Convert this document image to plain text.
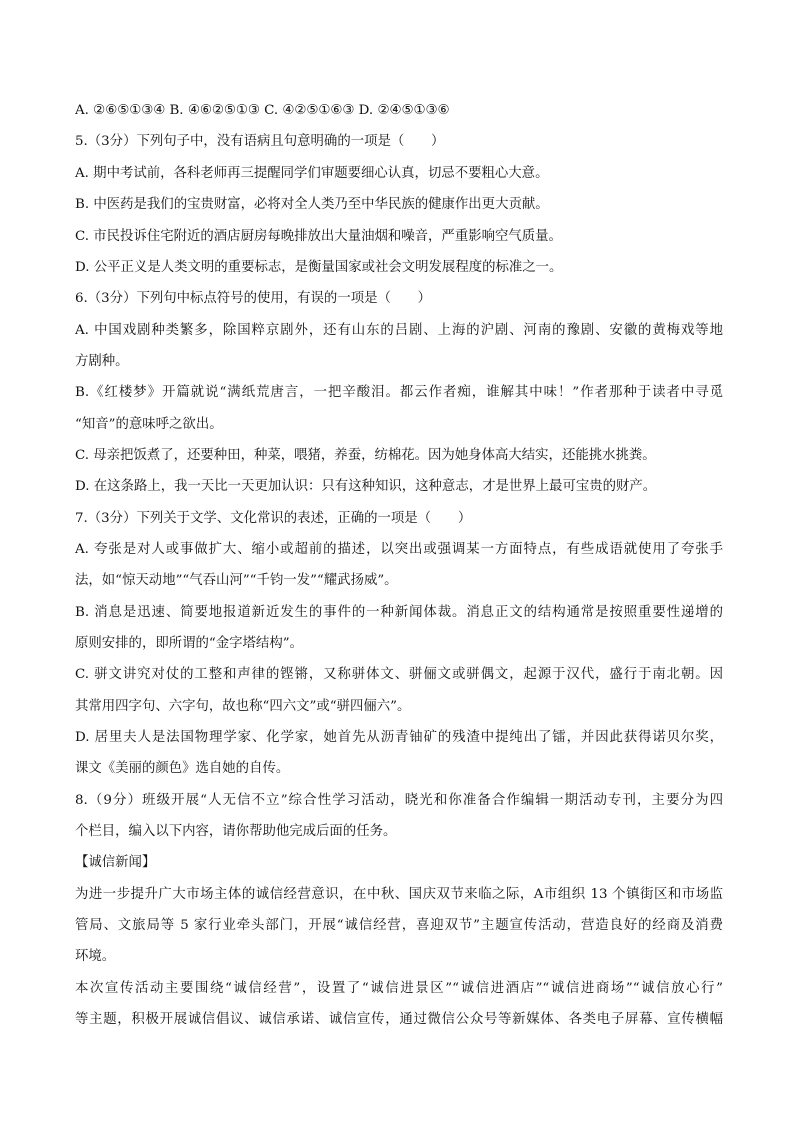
A. ②⑥⑤①③④ B. ④⑥②⑤①③ C. ④②⑤①⑥③ D. ②④⑤①③⑥
5.（3分）下列句子中，没有语病且句意明确的一项是（　　）
A. 期中考试前，各科老师再三提醒同学们审题要细心认真，切忌不要粗心大意。
B. 中医药是我们的宝贵财富，必将对全人类乃至中华民族的健康作出更大贡献。
C. 市民投诉住宅附近的酒店厨房每晚排放出大量油烟和噪音，严重影响空气质量。
D. 公平正义是人类文明的重要标志，是衡量国家或社会文明发展程度的标准之一。
6.（3分）下列句中标点符号的使用，有误的一项是（　　）
A. 中国戏剧种类繁多，除国粹京剧外，还有山东的吕剧、上海的沪剧、河南的豫剧、安徽的黄梅戏等地
方剧种。
B.《红楼梦》开篇就说“满纸荒唐言，一把辛酸泪。都云作者痴，谁解其中味！”作者那种于读者中寻觅
“知音”的意味呼之欲出。
C. 母亲把饭煮了，还要种田，种菜，喂猪，养蚕，纺棉花。因为她身体高大结实，还能挑水挑粪。
D. 在这条路上，我一天比一天更加认识：只有这种知识，这种意志，才是世界上最可宝贵的财产。
7.（3分）下列关于文学、文化常识的表述，正确的一项是（　　）
A. 夸张是对人或事做扩大、缩小或超前的描述，以突出或强调某一方面特点，有些成语就使用了夸张手
法，如“惊天动地”“气吞山河”“千钧一发”“耀武扬威”。
B. 消息是迅速、简要地报道新近发生的事件的一种新闻体裁。消息正文的结构通常是按照重要性递增的
原则安排的，即所谓的“金字塔结构”。
C. 骈文讲究对仗的工整和声律的铿锵，又称骈体文、骈俪文或骈偶文，起源于汉代，盛行于南北朝。因
其常用四字句、六字句，故也称“四六文”或“骈四俪六”。
D. 居里夫人是法国物理学家、化学家，她首先从沥青铀矿的残渣中提纯出了镭，并因此获得诺贝尔奖，
课文《美丽的颜色》选自她的自传。
8.（9分）班级开展“人无信不立”综合性学习活动，晓光和你准备合作编辑一期活动专刊，主要分为四
个栏目，编入以下内容，请你帮助他完成后面的任务。
【诚信新闻】
为进一步提升广大市场主体的诚信经营意识，在中秋、国庆双节来临之际，A市组织 13 个镇街区和市场监
管局、文旅局等 5 家行业牵头部门，开展“诚信经营，喜迎双节”主题宣传活动，营造良好的经商及消费
环境。
本次宣传活动主要围绕“诚信经营”，设置了“诚信进景区”“诚信进酒店”“诚信进商场”“诚信放心行”
等主题，积极开展诚信倡议、诚信承诺、诚信宣传，通过微信公众号等新媒体、各类电子屏幕、宣传横幅
